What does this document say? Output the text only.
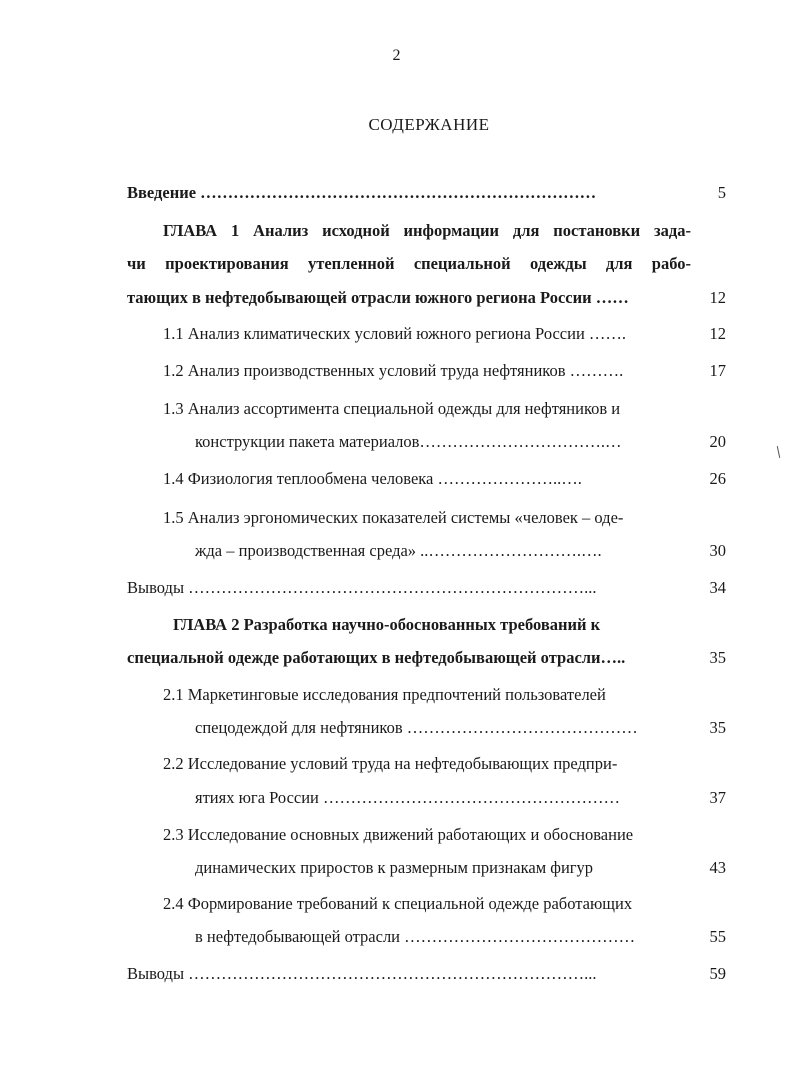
2
СОДЕРЖАНИЕ
Введение ………………………………………………………………	5
ГЛАВА 1 Анализ исходной информации для постановки зада-
чи проектирования утепленной специальной одежды для рабо-
тающих в нефтедобывающей отрасли южного региона России ……	12
1.1 Анализ климатических условий южного региона России …….	12
1.2 Анализ производственных условий труда нефтяников ……….	17
1.3 Анализ ассортимента специальной одежды для нефтяников и
конструкции пакета материалов…………………………….…	20
1.4 Физиология теплообмена человека …………………..….	26
1.5 Анализ эргономических показателей системы «человек – оде-
жда – производственная среда» ..……………………….….	30
Выводы ………………………………………………………………...	34
ГЛАВА 2 Разработка научно-обоснованных требований к
специальной одежде работающих в нефтедобывающей отрасли…..	35
2.1 Маркетинговые исследования предпочтений пользователей
спецодеждой для нефтяников ……………………………………	35
2.2 Исследование условий труда на нефтедобывающих предпри-
ятиях юга России ………………………………………………	37
2.3 Исследование основных движений работающих и обоснование
динамических приростов к размерным признакам фигур	43
2.4 Формирование требований к специальной одежде работающих
в нефтедобывающей отрасли ……………………………………	55
Выводы ………………………………………………………………...	59
